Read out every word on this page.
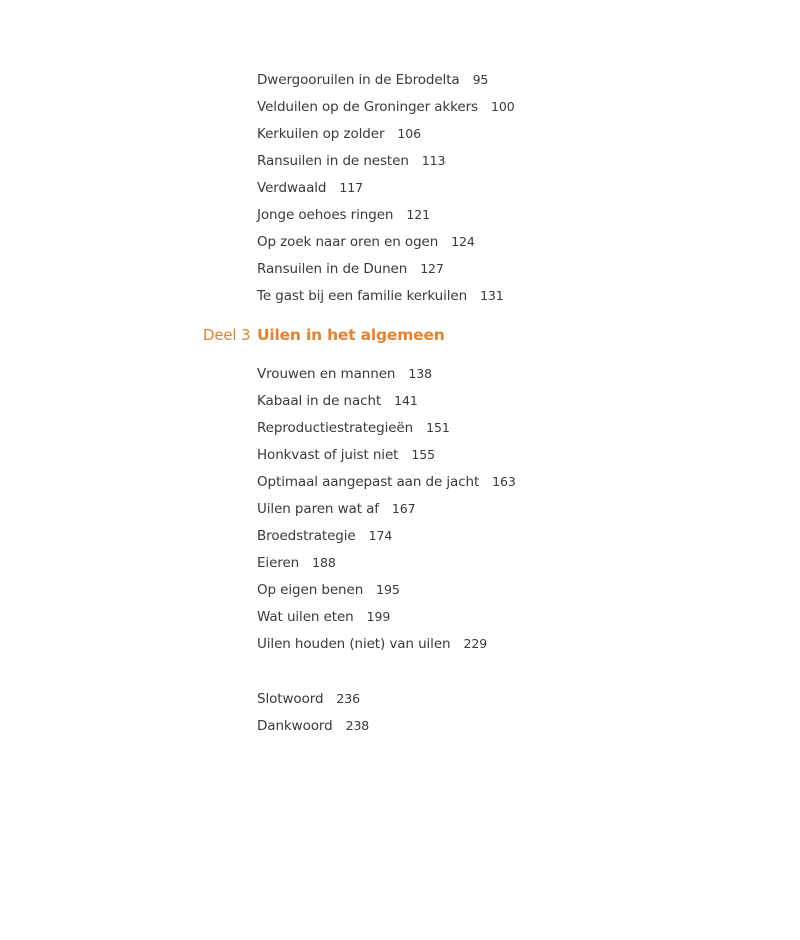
Dwergooruilen in de Ebrodelta 95
Velduilen op de Groninger akkers 100
Kerkuilen op zolder 106
Ransuilen in de nesten 113
Verdwaald 117
Jonge oehoes ringen 121
Op zoek naar oren en ogen 124
Ransuilen in de Dunen 127
Te gast bij een familie kerkuilen 131
Deel 3 Uilen in het algemeen
Vrouwen en mannen 138
Kabaal in de nacht 141
Reproductiestrategieën 151
Honkvast of juist niet 155
Optimaal aangepast aan de jacht 163
Uilen paren wat af 167
Broedstrategie 174
Eieren 188
Op eigen benen 195
Wat uilen eten 199
Uilen houden (niet) van uilen 229
Slotwoord 236
Dankwoord 238
